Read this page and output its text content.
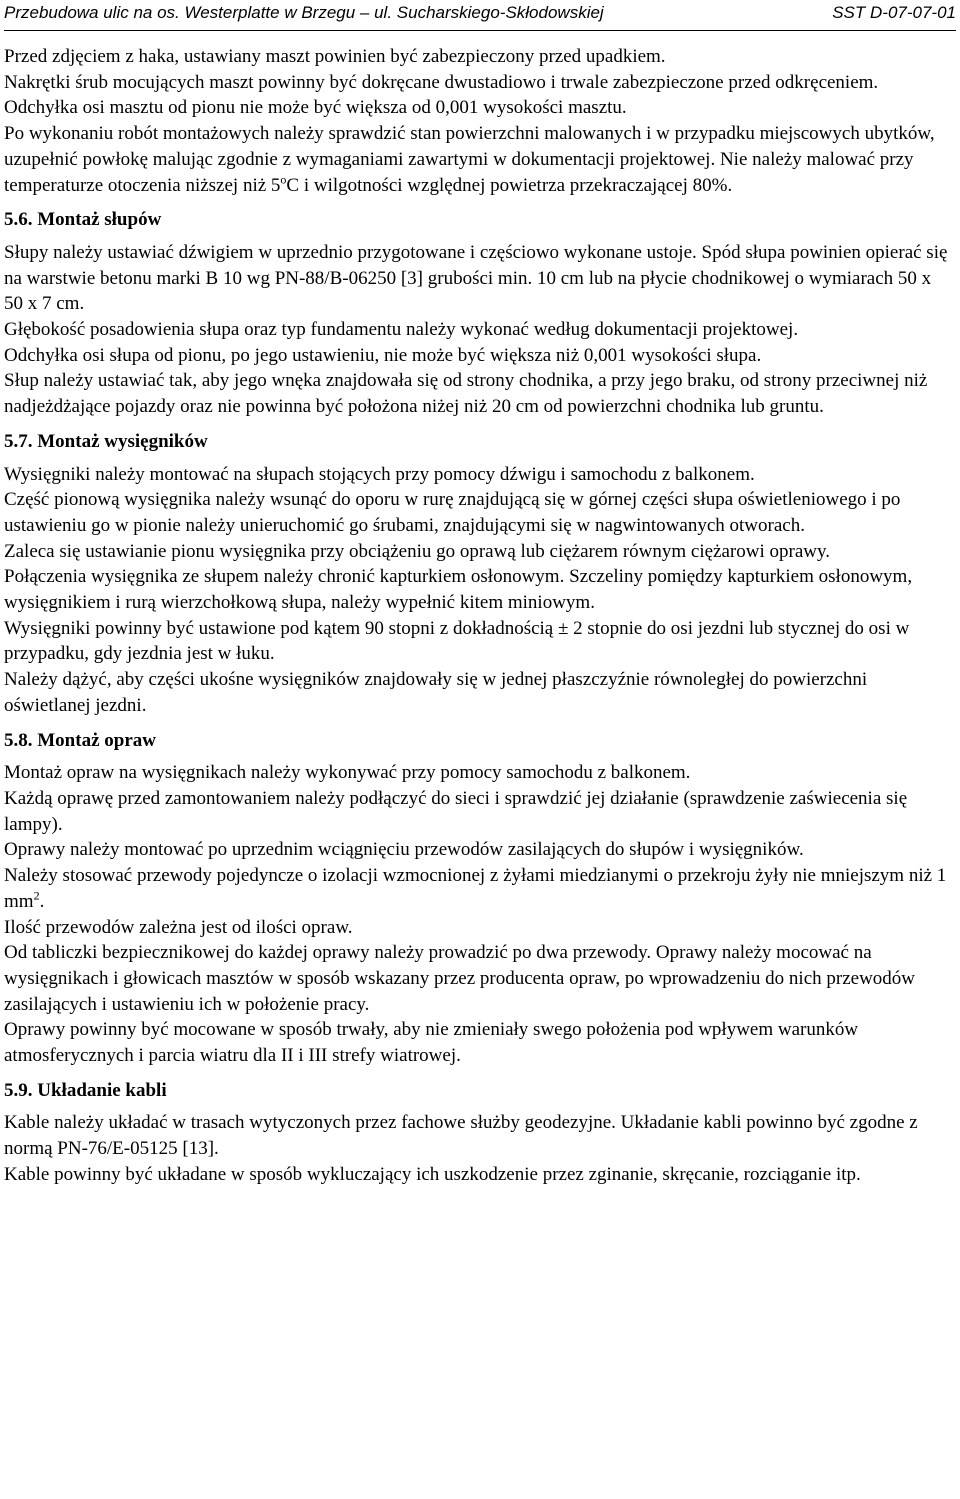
Przebudowa ulic na os. Westerplatte w Brzegu – ul. Sucharskiego-Skłodowskiej	SST D-07-07-01

Przed zdjęciem z haka, ustawiany maszt powinien być zabezpieczony przed upadkiem.

Nakrętki śrub mocujących maszt powinny być dokręcane dwustadiowo i trwale zabezpieczone przed odkręceniem.

Odchyłka osi masztu od pionu nie może być większa od 0,001 wysokości masztu.

Po wykonaniu robót montażowych należy sprawdzić stan powierzchni malowanych i w przypadku miejscowych ubytków, uzupełnić powłokę malując zgodnie z wymaganiami zawartymi w dokumentacji projektowej. Nie należy malować przy temperaturze otoczenia niższej niż 5$^o$C i wilgotności względnej powietrza przekraczającej 80%.

5.6. Montaż słupów

Słupy należy ustawiać dźwigiem w uprzednio przygotowane i częściowo wykonane ustoje. Spód słupa powinien opierać się na warstwie betonu marki B 10 wg PN-88/B-06250 [3] grubości min. 10 cm lub na płycie chodnikowej o wymiarach 50 x 50 x 7 cm.

Głębokość posadowienia słupa oraz typ fundamentu należy wykonać według dokumentacji projektowej.

Odchyłka osi słupa od pionu, po jego ustawieniu, nie może być większa niż 0,001 wysokości słupa.

Słup należy ustawiać tak, aby jego wnęka znajdowała się od strony chodnika, a przy jego braku, od strony przeciwnej niż nadjeżdżające pojazdy oraz nie powinna być położona niżej niż 20 cm od powierzchni chodnika lub gruntu.

5.7. Montaż wysięgników

Wysięgniki należy montować na słupach stojących przy pomocy dźwigu i samochodu z balkonem.

Część pionową wysięgnika należy wsunąć do oporu w rurę znajdującą się w górnej części słupa oświetleniowego i po ustawieniu go w pionie należy unieruchomić go śrubami, znajdującymi się w nagwintowanych otworach.

Zaleca się ustawianie pionu wysięgnika przy obciążeniu go oprawą lub ciężarem równym ciężarowi oprawy.

Połączenia wysięgnika ze słupem należy chronić kapturkiem osłonowym. Szczeliny pomiędzy kapturkiem osłonowym, wysięgnikiem i rurą wierzchołkową słupa, należy wypełnić kitem miniowym.

Wysięgniki powinny być ustawione pod kątem 90 stopni z dokładnością ± 2 stopnie do osi jezdni lub stycznej do osi w przypadku, gdy jezdnia jest w łuku.

Należy dążyć, aby części ukośne wysięgników znajdowały się w jednej płaszczyźnie równoległej do powierzchni oświetlanej jezdni.

5.8. Montaż opraw

Montaż opraw na wysięgnikach należy wykonywać przy pomocy samochodu z balkonem.

Każdą oprawę przed zamontowaniem należy podłączyć do sieci i sprawdzić jej działanie (sprawdzenie zaświecenia się lampy).

Oprawy należy montować po uprzednim wciągnięciu przewodów zasilających do słupów i wysięgników.

Należy stosować przewody pojedyncze o izolacji wzmocnionej z żyłami miedzianymi o przekroju żyły nie mniejszym niż 1 $mm^2$.

Ilość przewodów zależna jest od ilości opraw.

Od tabliczki bezpiecznikowej do każdej oprawy należy prowadzić po dwa przewody. Oprawy należy mocować na wysięgnikach i głowicach masztów w sposób wskazany przez producenta opraw, po wprowadzeniu do nich przewodów zasilających i ustawieniu ich w położenie pracy.

Oprawy powinny być mocowane w sposób trwały, aby nie zmieniały swego położenia pod wpływem warunków atmosferycznych i parcia wiatru dla II i III strefy wiatrowej.

5.9. Układanie kabli

Kable należy układać w trasach wytyczonych przez fachowe służby geodezyjne. Układanie kabli powinno być zgodne z normą PN-76/E-05125 [13].

Kable powinny być układane w sposób wykluczający ich uszkodzenie przez zginanie, skręcanie, rozciąganie itp.
